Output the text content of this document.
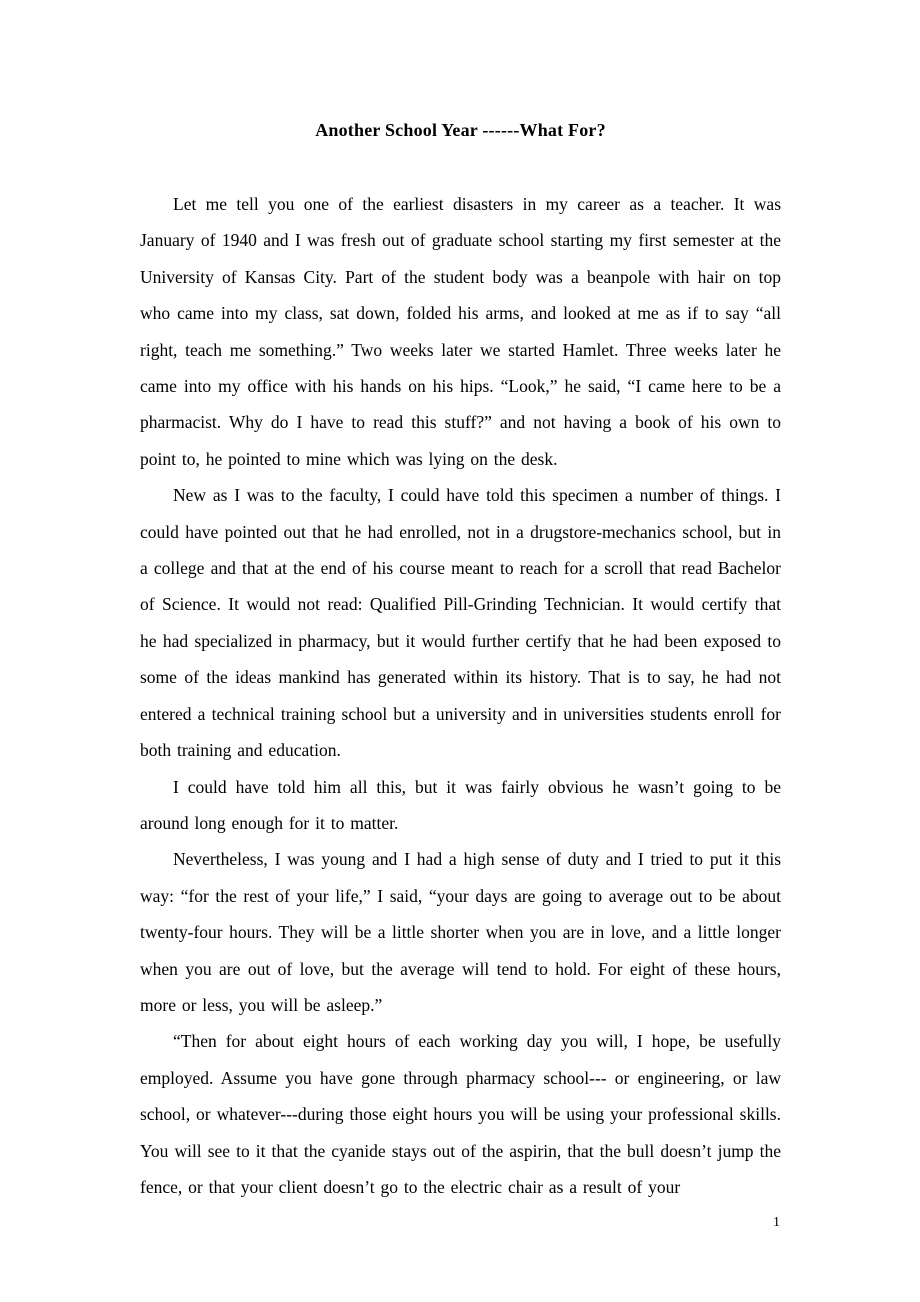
Another School Year ------What For?

Let me tell you one of the earliest disasters in my career as a teacher. It was January of 1940 and I was fresh out of graduate school starting my first semester at the University of Kansas City. Part of the student body was a beanpole with hair on top who came into my class, sat down, folded his arms, and looked at me as if to say “all right, teach me something.” Two weeks later we started Hamlet. Three weeks later he came into my office with his hands on his hips. “Look,” he said, “I came here to be a pharmacist. Why do I have to read this stuff?” and not having a book of his own to point to, he pointed to mine which was lying on the desk.

New as I was to the faculty, I could have told this specimen a number of things. I could have pointed out that he had enrolled, not in a drugstore-mechanics school, but in a college and that at the end of his course meant to reach for a scroll that read Bachelor of Science. It would not read: Qualified Pill-Grinding Technician. It would certify that he had specialized in pharmacy, but it would further certify that he had been exposed to some of the ideas mankind has generated within its history. That is to say, he had not entered a technical training school but a university and in universities students enroll for both training and education.

I could have told him all this, but it was fairly obvious he wasn’t going to be around long enough for it to matter.

Nevertheless, I was young and I had a high sense of duty and I tried to put it this way: “for the rest of your life,” I said, “your days are going to average out to be about twenty-four hours. They will be a little shorter when you are in love, and a little longer when you are out of love, but the average will tend to hold. For eight of these hours, more or less, you will be asleep.”

“Then for about eight hours of each working day you will, I hope, be usefully employed. Assume you have gone through pharmacy school--- or engineering, or law school, or whatever---during those eight hours you will be using your professional skills. You will see to it that the cyanide stays out of the aspirin, that the bull doesn’t jump the fence, or that your client doesn’t go to the electric chair as a result of your

1
